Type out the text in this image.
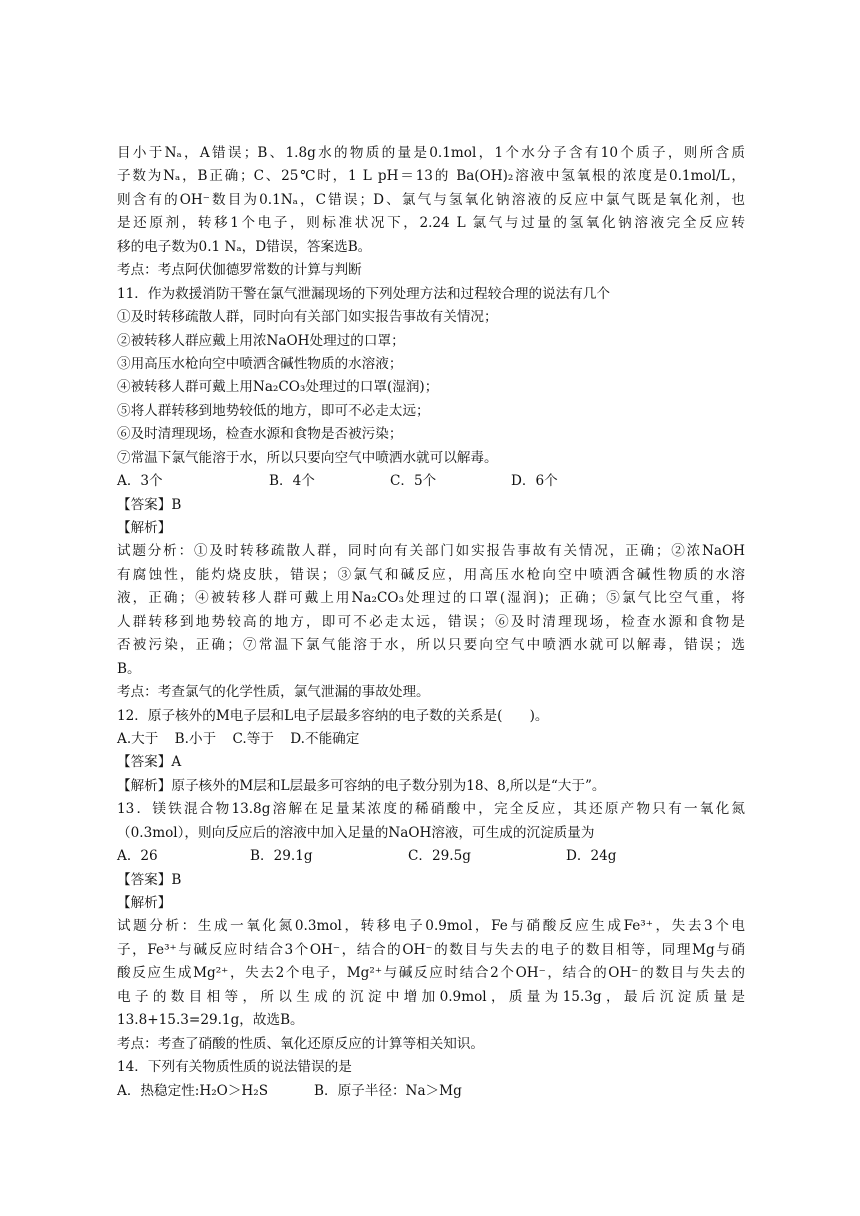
目小于Nₐ，A错误；B、1.8g水的物质的量是0.1mol，1个水分子含有10个质子，则所含质
子数为Nₐ，B正确；C、25℃时，1 L pH＝13的 Ba(OH)₂溶液中氢氧根的浓度是0.1mol/L，
则含有的OH⁻数目为0.1Nₐ，C错误；D、氯气与氢氧化钠溶液的反应中氯气既是氧化剂，也
是还原剂，转移1个电子，则标准状况下，2.24 L 氯气与过量的氢氧化钠溶液完全反应转
移的电子数为0.1 Nₐ，D错误，答案选B。
考点：考点阿伏伽德罗常数的计算与判断
11．作为救援消防干警在氯气泄漏现场的下列处理方法和过程较合理的说法有几个
①及时转移疏散人群，同时向有关部门如实报告事故有关情况；
②被转移人群应戴上用浓NaOH处理过的口罩；
③用高压水枪向空中喷洒含碱性物质的水溶液；
④被转移人群可戴上用Na₂CO₃处理过的口罩(湿润)；
⑤将人群转移到地势较低的地方，即可不必走太远；
⑥及时清理现场，检查水源和食物是否被污染；
⑦常温下氯气能溶于水，所以只要向空气中喷洒水就可以解毒。
A．3个	B．4个	C．5个	D．6个
【答案】B
【解析】
试题分析：①及时转移疏散人群，同时向有关部门如实报告事故有关情况，正确；②浓NaOH
有腐蚀性，能灼烧皮肤，错误；③氯气和碱反应，用高压水枪向空中喷洒含碱性物质的水溶
液，正确；④被转移人群可戴上用Na₂CO₃处理过的口罩(湿润)；正确；⑤氯气比空气重，将
人群转移到地势较高的地方，即可不必走太远，错误；⑥及时清理现场，检查水源和食物是
否被污染，正确；⑦常温下氯气能溶于水，所以只要向空气中喷洒水就可以解毒，错误；选
B。
考点：考查氯气的化学性质，氯气泄漏的事故处理。
12．原子核外的M电子层和L电子层最多容纳的电子数的关系是(　　)。
A.大于 B.小于 C.等于 D.不能确定
【答案】A
【解析】原子核外的M层和L层最多可容纳的电子数分别为18、8,所以是“大于”。
13．镁铁混合物13.8g溶解在足量某浓度的稀硝酸中，完全反应，其还原产物只有一氧化氮
（0.3mol），则向反应后的溶液中加入足量的NaOH溶液，可生成的沉淀质量为
A．26	B．29.1g	C．29.5g	D．24g
【答案】B
【解析】
试题分析：生成一氧化氮0.3mol，转移电子0.9mol，Fe与硝酸反应生成Fe³⁺，失去3个电
子，Fe³⁺与碱反应时结合3个OH⁻，结合的OH⁻的数目与失去的电子的数目相等，同理Mg与硝
酸反应生成Mg²⁺，失去2个电子，Mg²⁺与碱反应时结合2个OH⁻，结合的OH⁻的数目与失去的
电子的数目相等，所以生成的沉淀中增加0.9mol，质量为15.3g，最后沉淀质量是
13.8+15.3=29.1g，故选B。
考点：考查了硝酸的性质、氧化还原反应的计算等相关知识。
14．下列有关物质性质的说法错误的是
A．热稳定性:H₂O＞H₂S	B．原子半径：Na＞Mg
